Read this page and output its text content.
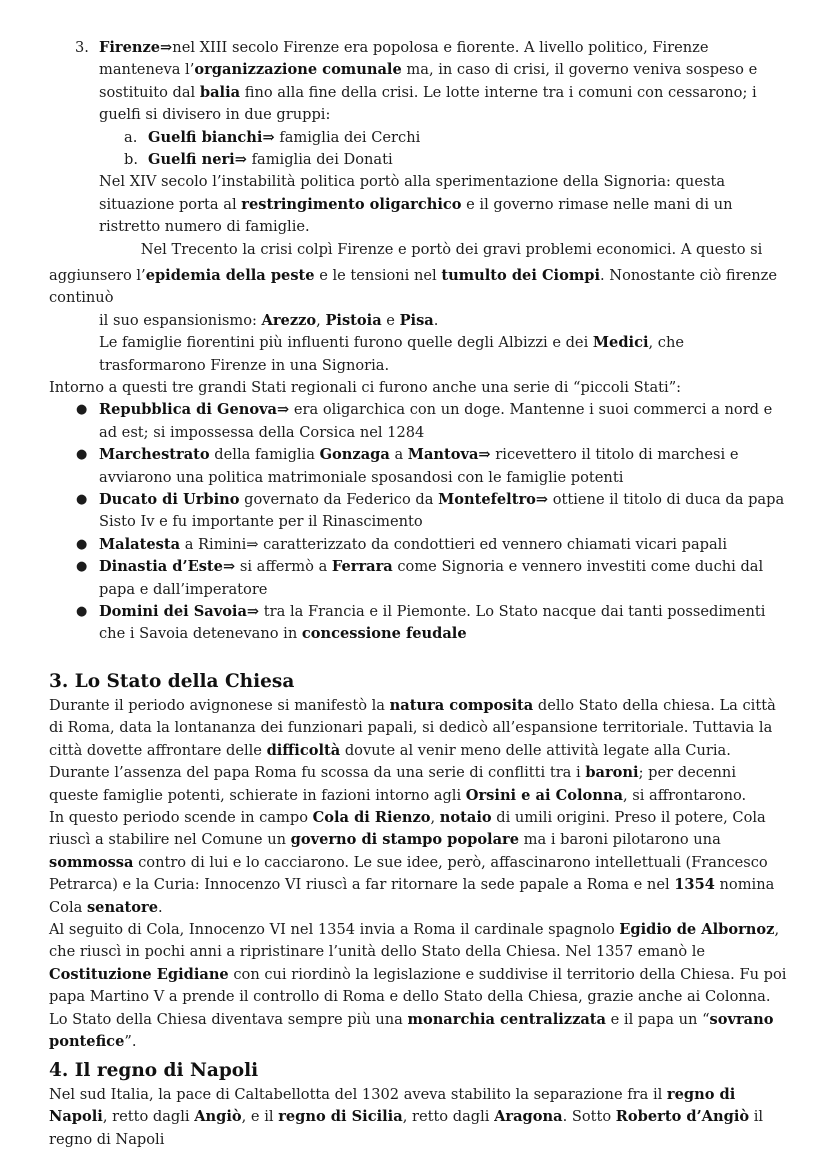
3. Firenze⇒nel XIII secolo Firenze era popolosa e fiorente. A livello politico, Firenze manteneva l’organizzazione comunale ma, in caso di crisi, il governo veniva sospeso e sostituito dal balia fino alla fine della crisi. Le lotte interne tra i comuni con cessarono; i guelfi si divisero in due gruppi:

a. Guelfi bianchi⇒ famiglia dei Cerchi
b. Guelfi neri⇒ famiglia dei Donati

Nel XIV secolo l’instabilità politica portò alla sperimentazione della Signoria: questa situazione porta al restringimento oligarchico e il governo rimase nelle mani di un ristretto numero di famiglie.

Nel Trecento la crisi colpì Firenze e portò dei gravi problemi economici. A questo si

aggiunsero l’epidemia della peste e le tensioni nel tumulto dei Ciompi. Nonostante ciò firenze continuò

il suo espansionismo: Arezzo, Pistoia e Pisa.

Le famiglie fiorentini più influenti furono quelle degli Albizzi e dei Medici, che trasformarono Firenze in una Signoria.

Intorno a questi tre grandi Stati regionali ci furono anche una serie di “piccoli Stati”:

● Repubblica di Genova⇒ era oligarchica con un doge. Mantenne i suoi commerci a nord e ad est; si impossessa della Corsica nel 1284
● Marchestrato della famiglia Gonzaga a Mantova⇒ ricevettero il titolo di marchesi e avviarono una politica matrimoniale sposandosi con le famiglie potenti
● Ducato di Urbino governato da Federico da Montefeltro⇒ ottiene il titolo di duca da papa Sisto Iv e fu importante per il Rinascimento
● Malatesta a Rimini⇒ caratterizzato da condottieri ed vennero chiamati vicari papali
● Dinastia d’Este⇒ si affermò a Ferrara come Signoria e vennero investiti come duchi dal papa e dall’imperatore
● Domini dei Savoia⇒ tra la Francia e il Piemonte. Lo Stato nacque dai tanti possedimenti che i Savoia detenevano in concessione feudale
3. Lo Stato della Chiesa

Durante il periodo avignonese si manifestò la natura composita dello Stato della chiesa. La città di Roma, data la lontananza dei funzionari papali, si dedicò all’espansione territoriale. Tuttavia la città dovette affrontare delle difficoltà dovute al venir meno delle attività legate alla Curia. Durante l’assenza del papa Roma fu scossa da una serie di conflitti tra i baroni; per decenni queste famiglie potenti, schierate in fazioni intorno agli Orsini e ai Colonna, si affrontarono.

In questo periodo scende in campo Cola di Rienzo, notaio di umili origini. Preso il potere, Cola riuscì a stabilire nel Comune un governo di stampo popolare ma i baroni pilotarono una sommossa contro di lui e lo cacciarono. Le sue idee, però, affascinarono intellettuali (Francesco Petrarca) e la Curia: Innocenzo VI riuscì a far ritornare la sede papale a Roma e nel 1354 nomina Cola senatore.

Al seguito di Cola, Innocenzo VI nel 1354 invia a Roma il cardinale spagnolo Egidio de Albornoz, che riuscì in pochi anni a ripristinare l’unità dello Stato della Chiesa. Nel 1357 emanò le Costituzione Egidiane con cui riordinò la legislazione e suddivise il territorio della Chiesa. Fu poi papa Martino V a prende il controllo di Roma e dello Stato della Chiesa, grazie anche ai Colonna.

Lo Stato della Chiesa diventava sempre più una monarchia centralizzata e il papa un “sovrano pontefice”.

4. Il regno di Napoli

Nel sud Italia, la pace di Caltabellotta del 1302 aveva stabilito la separazione fra il regno di Napoli, retto dagli Angiò, e il regno di Sicilia, retto dagli Aragona. Sotto Roberto d’Angiò il regno di Napoli
